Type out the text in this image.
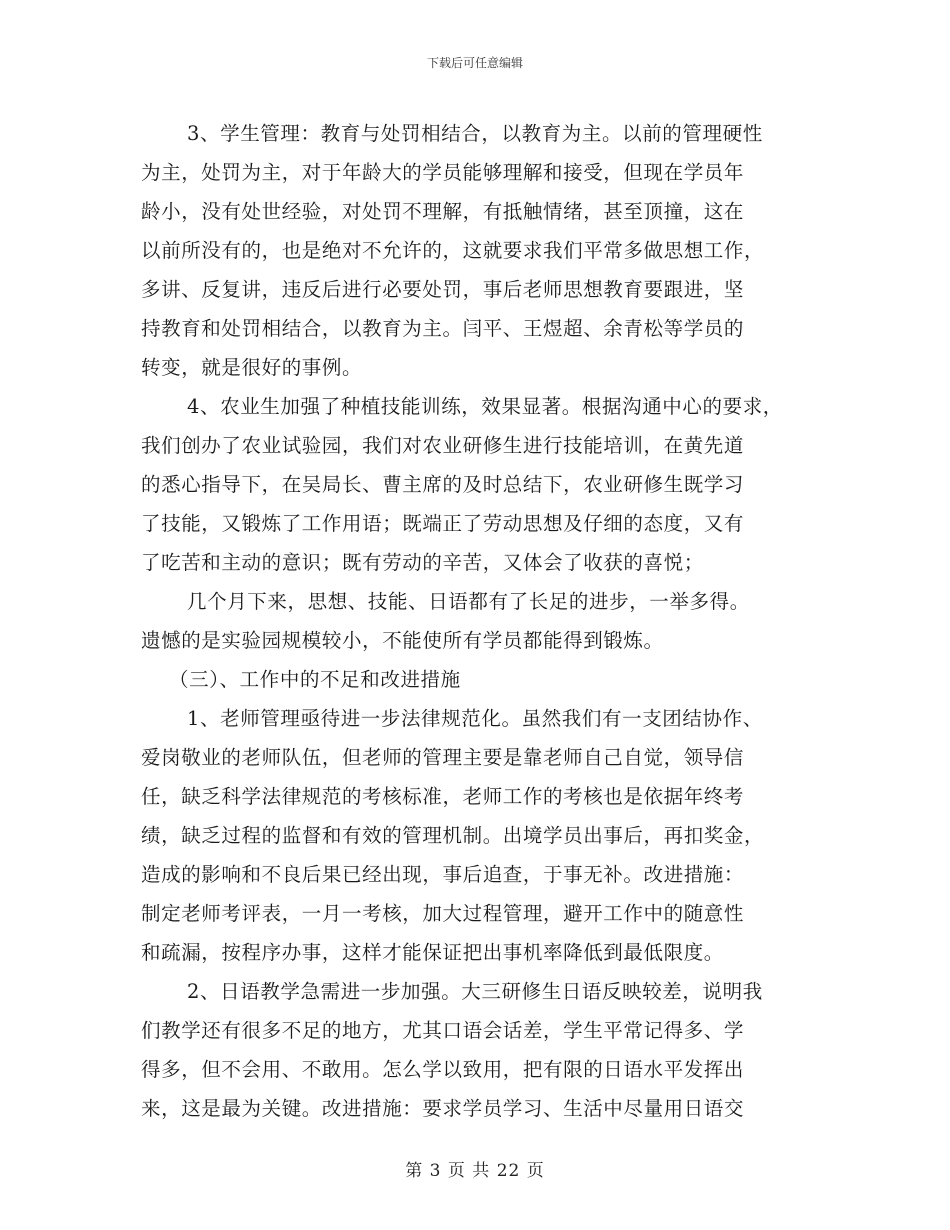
下载后可任意编辑
3、学生管理：教育与处罚相结合，以教育为主。以前的管理硬性
为主，处罚为主，对于年龄大的学员能够理解和接受，但现在学员年
龄小，没有处世经验，对处罚不理解，有抵触情绪，甚至顶撞，这在
以前所没有的，也是绝对不允许的，这就要求我们平常多做思想工作，
多讲、反复讲，违反后进行必要处罚，事后老师思想教育要跟进，坚
持教育和处罚相结合，以教育为主。闫平、王煜超、余青松等学员的
转变，就是很好的事例。
4、农业生加强了种植技能训练，效果显著。根据沟通中心的要求，
我们创办了农业试验园，我们对农业研修生进行技能培训，在黄先道
的悉心指导下，在吴局长、曹主席的及时总结下，农业研修生既学习
了技能，又锻炼了工作用语；既端正了劳动思想及仔细的态度，又有
了吃苦和主动的意识；既有劳动的辛苦，又体会了收获的喜悦；
几个月下来，思想、技能、日语都有了长足的进步，一举多得。
遗憾的是实验园规模较小，不能使所有学员都能得到锻炼。
（三）、工作中的不足和改进措施
1、老师管理亟待进一步法律规范化。虽然我们有一支团结协作、
爱岗敬业的老师队伍，但老师的管理主要是靠老师自己自觉，领导信
任，缺乏科学法律规范的考核标准，老师工作的考核也是依据年终考
绩，缺乏过程的监督和有效的管理机制。出境学员出事后，再扣奖金，
造成的影响和不良后果已经出现，事后追查，于事无补。改进措施：
制定老师考评表，一月一考核，加大过程管理，避开工作中的随意性
和疏漏，按程序办事，这样才能保证把出事机率降低到最低限度。
2、日语教学急需进一步加强。大三研修生日语反映较差，说明我
们教学还有很多不足的地方，尤其口语会话差，学生平常记得多、学
得多，但不会用、不敢用。怎么学以致用，把有限的日语水平发挥出
来，这是最为关键。改进措施：要求学员学习、生活中尽量用日语交
第 3 页 共 22 页
